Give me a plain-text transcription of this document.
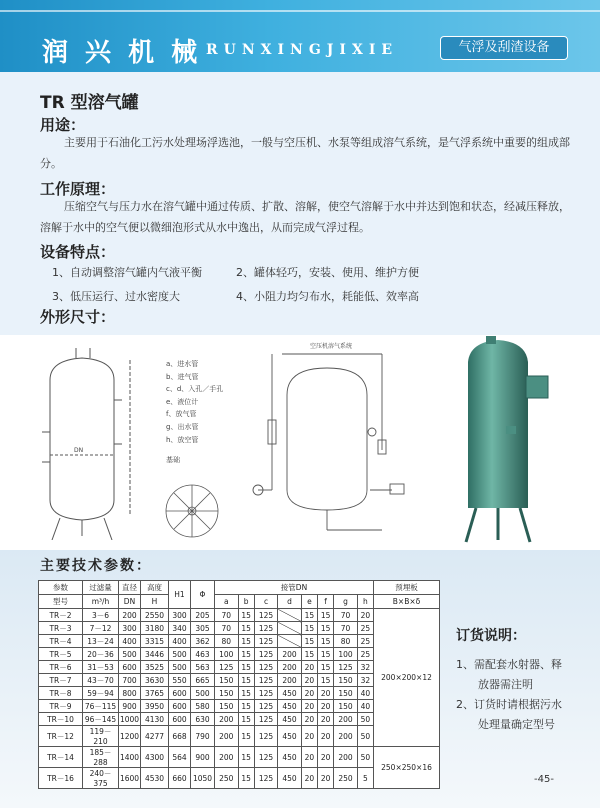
润 兴 机 械 RUNXINGJIXIE	气浮及刮渣设备
TR 型溶气罐
用途：
主要用于石油化工污水处理场浮选池，一般与空压机、水泵等组成溶气系统，是气浮系统中重要的组成部分。
工作原理：
压缩空气与压力水在溶气罐中通过传质、扩散、溶解，使空气溶解于水中并达到饱和状态，经减压释放，溶解于水中的空气便以微细泡形式从水中逸出，从而完成气浮过程。
设备特点：
1、自动调整溶气罐内气液平衡	2、罐体轻巧，安装、使用、维护方便
3、低压运行、过水密度大	4、小阻力均匀布水，耗能低、效率高
外形尺寸：
DN
a、进水管
b、进气管
c、d、入孔／手孔
e、液位计
f、放气管
g、出水管
h、放空管
基础
空压机溶气系统
主要技术参数：
参数	过滤量	直径	高度	H1	Φ	接管DN								预埋板
型号	m³/h	DN	H			a	b	c	d	e	f	g	h	B×B×δ
TR－2	3－6	200	2550	300	205	70	15	125		15	15	70	20	200×200×12
TR－3	7－12	300	3180	340	305	70	15	125		15	15	70	25	
TR－4	13－24	400	3315	400	362	80	15	125		15	15	80	25	
TR－5	20－36	500	3446	500	463	100	15	125	200	15	15	100	25	
TR－6	31－53	600	3525	500	563	125	15	125	200	20	15	125	32	
TR－7	43－70	700	3630	550	665	150	15	125	200	20	15	150	32	
TR－8	59－94	800	3765	600	500	150	15	125	450	20	20	150	40	
TR－9	76－115	900	3950	600	580	150	15	125	450	20	20	150	40	
TR－10	96－145	1000	4130	600	630	200	15	125	450	20	20	200	50	
TR－12	119－210	1200	4277	668	790	200	15	125	450	20	20	200	50	
TR－14	185－288	1400	4300	564	900	200	15	125	450	20	20	200	50	250×250×16
TR－16	240－375	1600	4530	660	1050	250	15	125	450	20	20	250	5	
订货说明：
1、需配套水射器、释
放器需注明
2、订货时请根据污水
处理量确定型号
-45-
